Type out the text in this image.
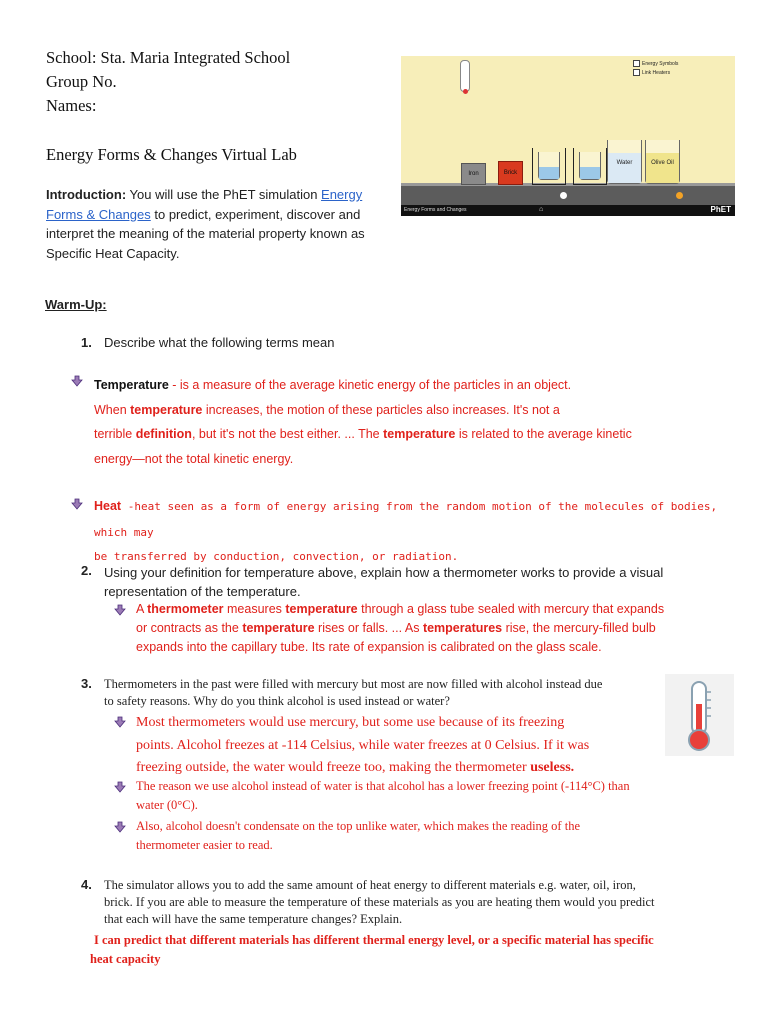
School: Sta. Maria Integrated School
Group No.
Names:
Energy Forms & Changes Virtual Lab
Introduction: You will use the PhET simulation Energy
Forms & Changes to predict, experiment, discover and
interpret the meaning of the material property known as
Specific Heat Capacity.
Energy Symbols
Link Heaters
Iron	Brick
Water	Olive Oil
Energy Forms and Changes	⌂	PhET
Warm-Up:
1. Describe what the following terms mean
Temperature - is a measure of the average kinetic energy of the particles in an object.
When temperature increases, the motion of these particles also increases. It's not a
terrible definition, but it's not the best either. ... The temperature is related to the average kinetic
energy—not the total kinetic energy.
Heat -heat seen as a form of energy arising from the random motion of the molecules of bodies, which may
be transferred by conduction, convection, or radiation.
2. Using your definition for temperature above, explain how a thermometer works to provide a visual
representation of the temperature.
A thermometer measures temperature through a glass tube sealed with mercury that expands
or contracts as the temperature rises or falls. ... As temperatures rise, the mercury-filled bulb
expands into the capillary tube. Its rate of expansion is calibrated on the glass scale.
3. Thermometers in the past were filled with mercury but most are now filled with alcohol instead due
to safety reasons. Why do you think alcohol is used instead or water?
Most thermometers would use mercury, but some use because of its freezing
points. Alcohol freezes at -114 Celsius, while water freezes at 0 Celsius. If it was
freezing outside, the water would freeze too, making the thermometer useless.
The reason we use alcohol instead of water is that alcohol has a lower freezing point (-114°C) than
water (0°C).
Also, alcohol doesn't condensate on the top unlike water, which makes the reading of the
thermometer easier to read.
4. The simulator allows you to add the same amount of heat energy to different materials e.g. water, oil, iron,
brick. If you are able to measure the temperature of these materials as you are heating them would you predict
that each will have the same temperature changes? Explain.
I can predict that different materials has different thermal energy level, or a specific material has specific
heat capacity
